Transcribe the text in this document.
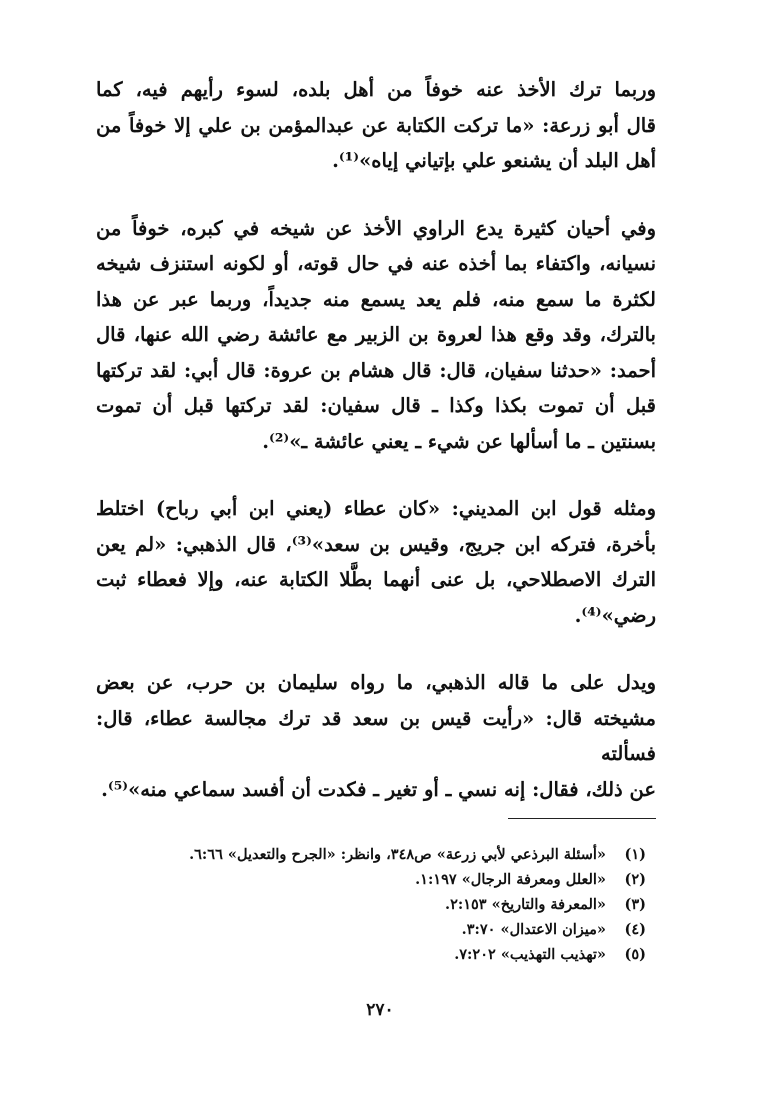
وربما ترك الأخذ عنه خوفاً من أهل بلده، لسوء رأيهم فيه، كما
قال أبو زرعة: «ما تركت الكتابة عن عبدالمؤمن بن علي إلا خوفاً من
أهل البلد أن يشنعو علي بإتياني إياه»⁽¹⁾.

وفي أحيان كثيرة يدع الراوي الأخذ عن شيخه في كبره، خوفاً من
نسيانه، واكتفاء بما أخذه عنه في حال قوته، أو لكونه استنزف شيخه
لكثرة ما سمع منه، فلم يعد يسمع منه جديداً، وربما عبر عن هذا
بالترك، وقد وقع هذا لعروة بن الزبير مع عائشة رضي الله عنها، قال
أحمد: «حدثنا سفيان، قال: قال هشام بن عروة: قال أبي: لقد تركتها
قبل أن تموت بكذا وكذا ـ قال سفيان: لقد تركتها قبل أن تموت
بسنتين ـ ما أسألها عن شيء ـ يعني عائشة ـ»⁽²⁾.

ومثله قول ابن المديني: «كان عطاء (يعني ابن أبي رباح) اختلط
بأخرة، فتركه ابن جريج، وقيس بن سعد»⁽³⁾، قال الذهبي: «لم يعن
الترك الاصطلاحي، بل عنى أنهما بطَّلا الكتابة عنه، وإلا فعطاء ثبت
رضي»⁽⁴⁾.

ويدل على ما قاله الذهبي، ما رواه سليمان بن حرب، عن بعض
مشيخته قال: «رأيت قيس بن سعد قد ترك مجالسة عطاء، قال: فسألته
عن ذلك، فقال: إنه نسي ـ أو تغير ـ فكدت أن أفسد سماعي منه»⁽⁵⁾.

(١)«أسئلة البرذعي لأبي زرعة» ص٣٤٨، وانظر: «الجرح والتعديل» ٦:٦٦.
(٢)«العلل ومعرفة الرجال» ١:١٩٧.
(٣)«المعرفة والتاريخ» ٢:١٥٣.
(٤)«ميزان الاعتدال» ٣:٧٠.
(٥)«تهذيب التهذيب» ٧:٢٠٢.
٢٧٠
